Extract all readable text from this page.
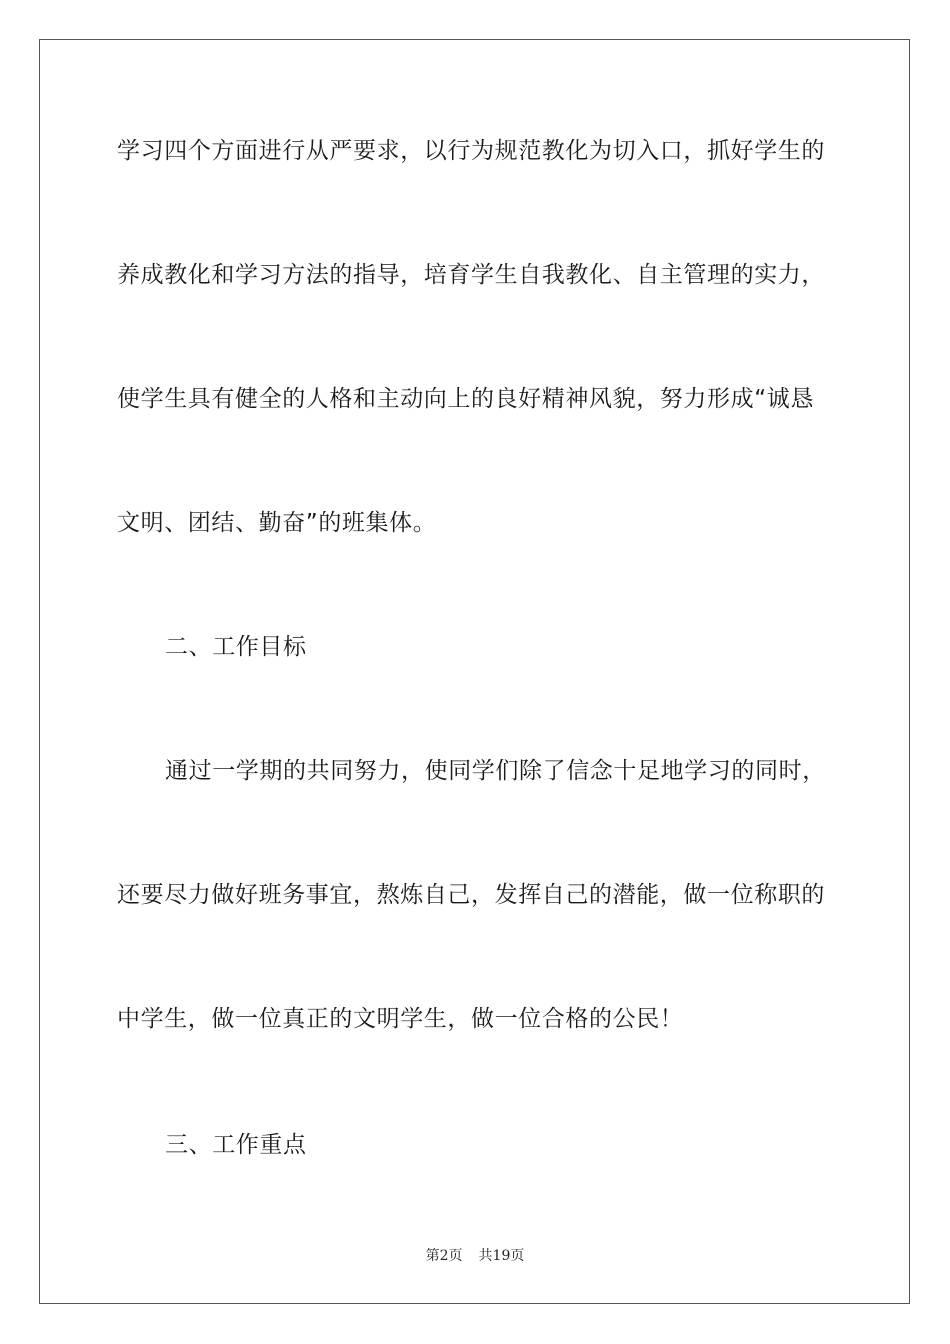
学习四个方面进行从严要求，以行为规范教化为切入口，抓好学生的
养成教化和学习方法的指导，培育学生自我教化、自主管理的实力，
使学生具有健全的人格和主动向上的良好精神风貌，努力形成“诚恳
文明、团结、勤奋”的班集体。
二、工作目标
通过一学期的共同努力，使同学们除了信念十足地学习的同时，
还要尽力做好班务事宜，熬炼自己，发挥自己的潜能，做一位称职的
中学生，做一位真正的文明学生，做一位合格的公民！
三、工作重点
第2页 共19页
